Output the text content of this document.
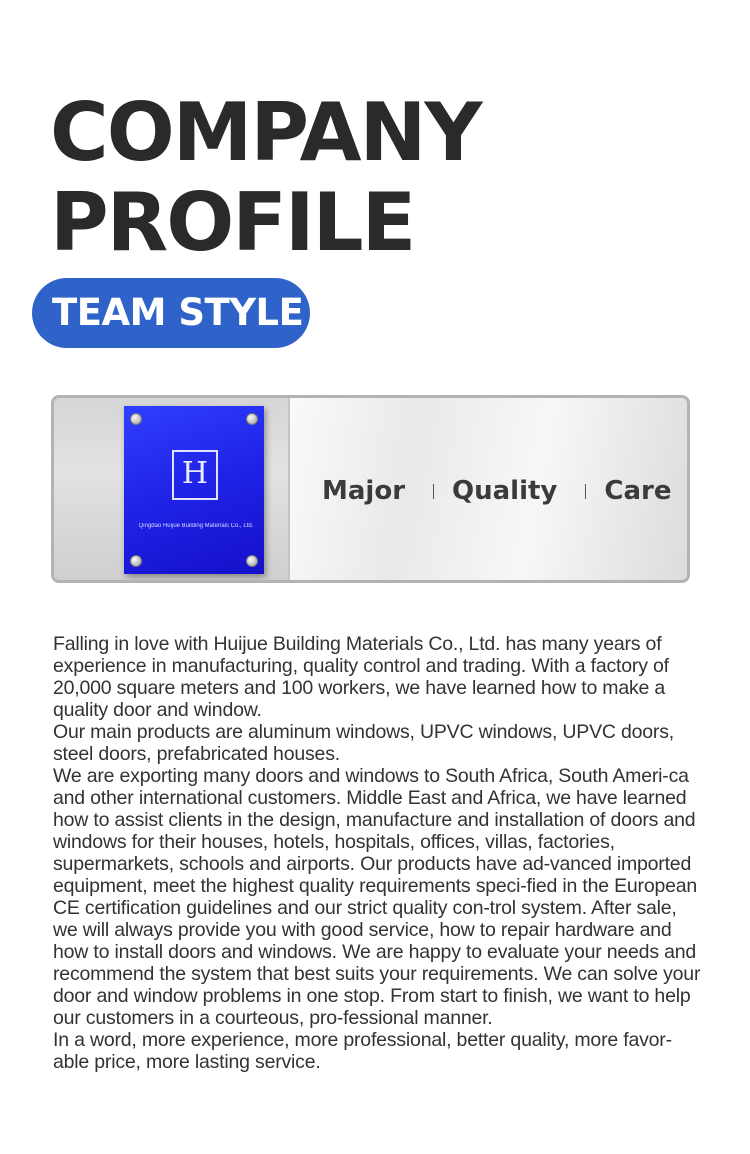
COMPANY
PROFILE
TEAM STYLE
H
Qingdao Huijue Building Materials Co., Ltd.
Major Quality Care

Falling in love with Huijue Building Materials Co., Ltd. has many years of experience in manufacturing, quality control and trading. With a factory of 20,000 square meters and 100 workers, we have learned how to make a quality door and window.

Our main products are aluminum windows, UPVC windows, UPVC doors, steel doors, prefabricated houses.

We are exporting many doors and windows to South Africa, South Ameri-ca and other international customers. Middle East and Africa, we have learned how to assist clients in the design, manufacture and installation of doors and windows for their houses, hotels, hospitals, offices, villas, factories, supermarkets, schools and airports. Our products have ad-vanced imported equipment, meet the highest quality requirements speci-fied in the European CE certification guidelines and our strict quality con-trol system. After sale, we will always provide you with good service, how to repair hardware and how to install doors and windows. We are happy to evaluate your needs and recommend the system that best suits your requirements. We can solve your door and window problems in one stop. From start to finish, we want to help our customers in a courteous, pro-fessional manner.

In a word, more experience, more professional, better quality, more favor-able price, more lasting service.
